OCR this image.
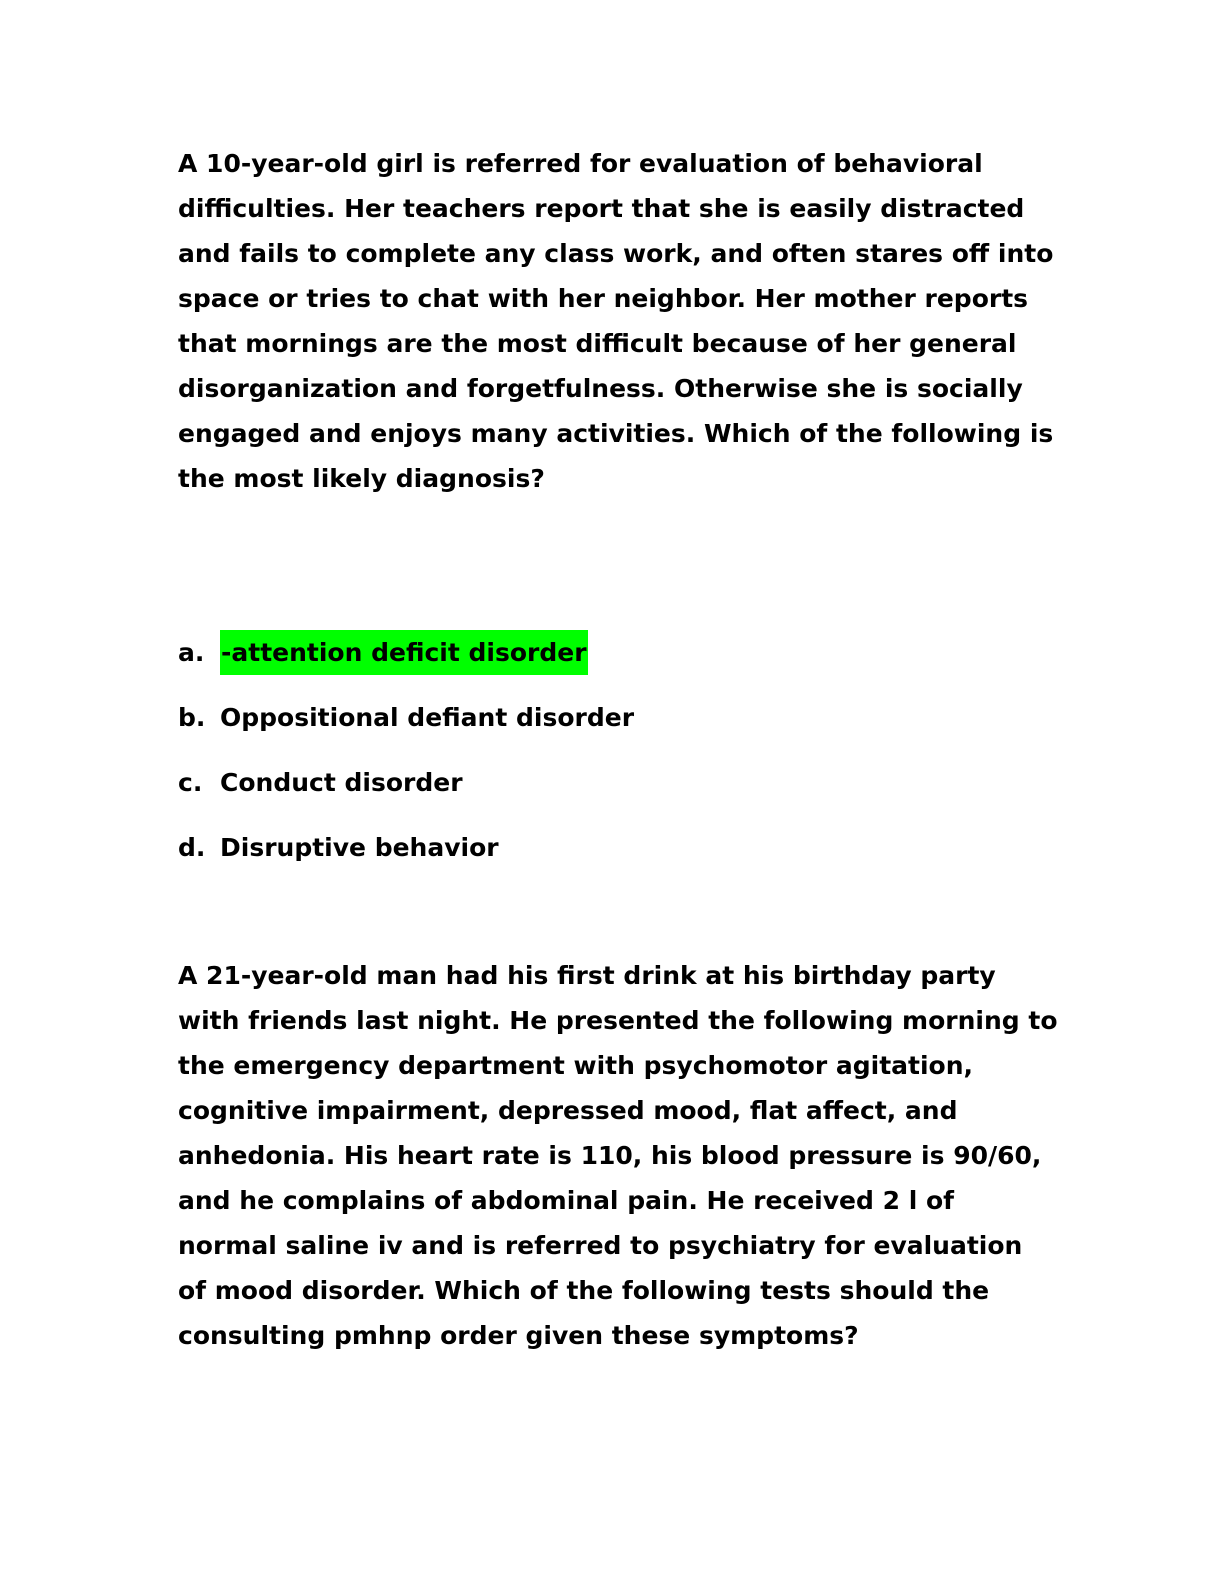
A 10-year-old girl is referred for evaluation of behavioral difficulties. Her teachers report that she is easily distracted and fails to complete any class work, and often stares off into space or tries to chat with her neighbor. Her mother reports that mornings are the most difficult because of her general disorganization and forgetfulness. Otherwise she is socially engaged and enjoys many activities. Which of the following is the most likely diagnosis?

a. -attention deficit disorder
b. Oppositional defiant disorder
c. Conduct disorder
d. Disruptive behavior

A 21-year-old man had his first drink at his birthday party with friends last night. He presented the following morning to the emergency department with psychomotor agitation, cognitive impairment, depressed mood, flat affect, and anhedonia. His heart rate is 110, his blood pressure is 90/60, and he complains of abdominal pain. He received 2 l of normal saline iv and is referred to psychiatry for evaluation of mood disorder. Which of the following tests should the consulting pmhnp order given these symptoms?
